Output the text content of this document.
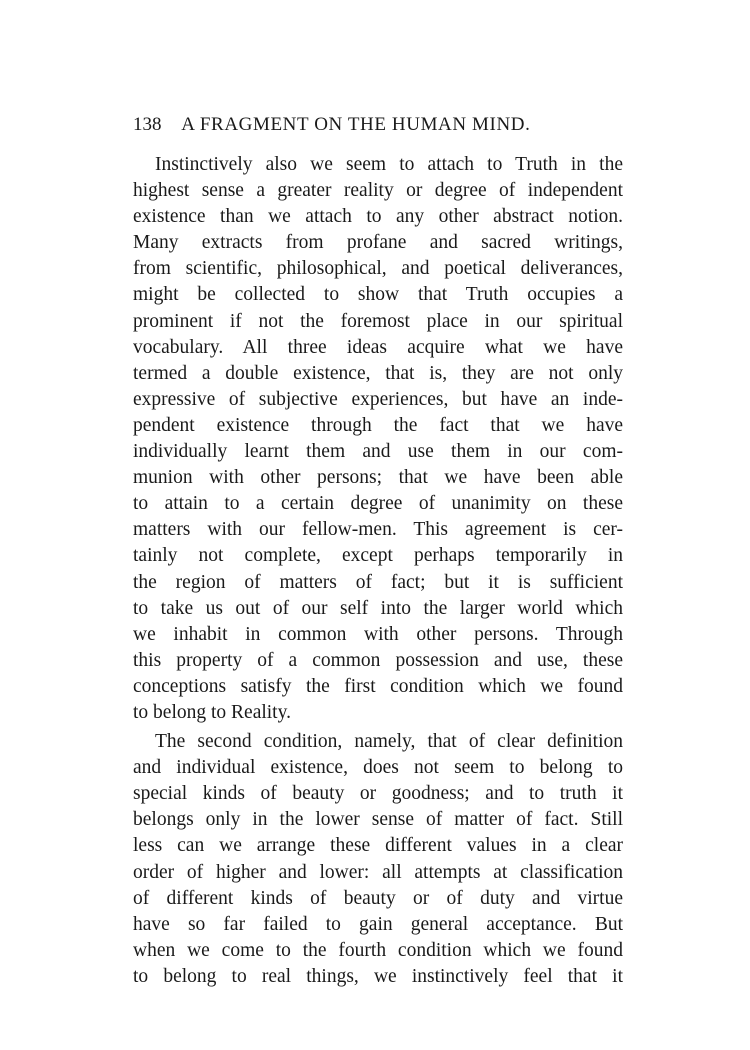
138 A FRAGMENT ON THE HUMAN MIND.
Instinctively also we seem to attach to Truth in the
highest sense a greater reality or degree of independent
existence than we attach to any other abstract notion.
Many extracts from profane and sacred writings,
from scientific, philosophical, and poetical deliverances,
might be collected to show that Truth occupies a
prominent if not the foremost place in our spiritual
vocabulary. All three ideas acquire what we have
termed a double existence, that is, they are not only
expressive of subjective experiences, but have an inde-
pendent existence through the fact that we have
individually learnt them and use them in our com-
munion with other persons; that we have been able
to attain to a certain degree of unanimity on these
matters with our fellow-men. This agreement is cer-
tainly not complete, except perhaps temporarily in
the region of matters of fact; but it is sufficient
to take us out of our self into the larger world which
we inhabit in common with other persons. Through
this property of a common possession and use, these
conceptions satisfy the first condition which we found
to belong to Reality.
The second condition, namely, that of clear definition
and individual existence, does not seem to belong to
special kinds of beauty or goodness; and to truth it
belongs only in the lower sense of matter of fact. Still
less can we arrange these different values in a clear
order of higher and lower: all attempts at classification
of different kinds of beauty or of duty and virtue
have so far failed to gain general acceptance. But
when we come to the fourth condition which we found
to belong to real things, we instinctively feel that it
